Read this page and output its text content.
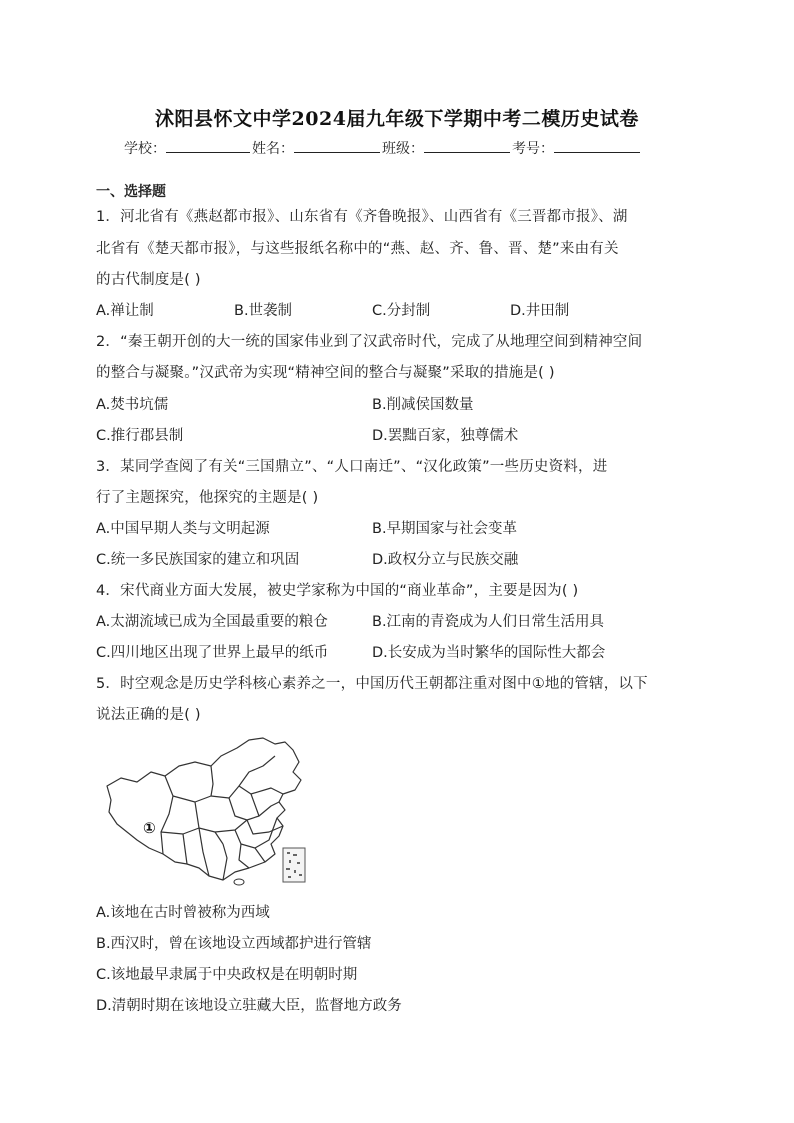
沭阳县怀文中学2024届九年级下学期中考二模历史试卷
学校：	姓名：	班级：	考号：
一、选择题
1．河北省有《燕赵都市报》、山东省有《齐鲁晚报》、山西省有《三晋都市报》、湖
北省有《楚天都市报》，与这些报纸名称中的“燕、赵、齐、鲁、晋、楚”来由有关
的古代制度是( )
A.禅让制	B.世袭制	C.分封制	D.井田制
2．“秦王朝开创的大一统的国家伟业到了汉武帝时代，完成了从地理空间到精神空间
的整合与凝聚。”汉武帝为实现“精神空间的整合与凝聚”采取的措施是( )
A.焚书坑儒	B.削减侯国数量
C.推行郡县制	D.罢黜百家，独尊儒术
3．某同学查阅了有关“三国鼎立”、“人口南迁”、“汉化政策”一些历史资料，进
行了主题探究，他探究的主题是( )
A.中国早期人类与文明起源	B.早期国家与社会变革
C.统一多民族国家的建立和巩固	D.政权分立与民族交融
4．宋代商业方面大发展，被史学家称为中国的“商业革命”，主要是因为( )
A.太湖流域已成为全国最重要的粮仓	B.江南的青瓷成为人们日常生活用具
C.四川地区出现了世界上最早的纸币	D.长安成为当时繁华的国际性大都会
5．时空观念是历史学科核心素养之一，中国历代王朝都注重对图中①地的管辖，以下
说法正确的是( )
①
A.该地在古时曾被称为西域
B.西汉时，曾在该地设立西域都护进行管辖
C.该地最早隶属于中央政权是在明朝时期
D.清朝时期在该地设立驻藏大臣，监督地方政务
